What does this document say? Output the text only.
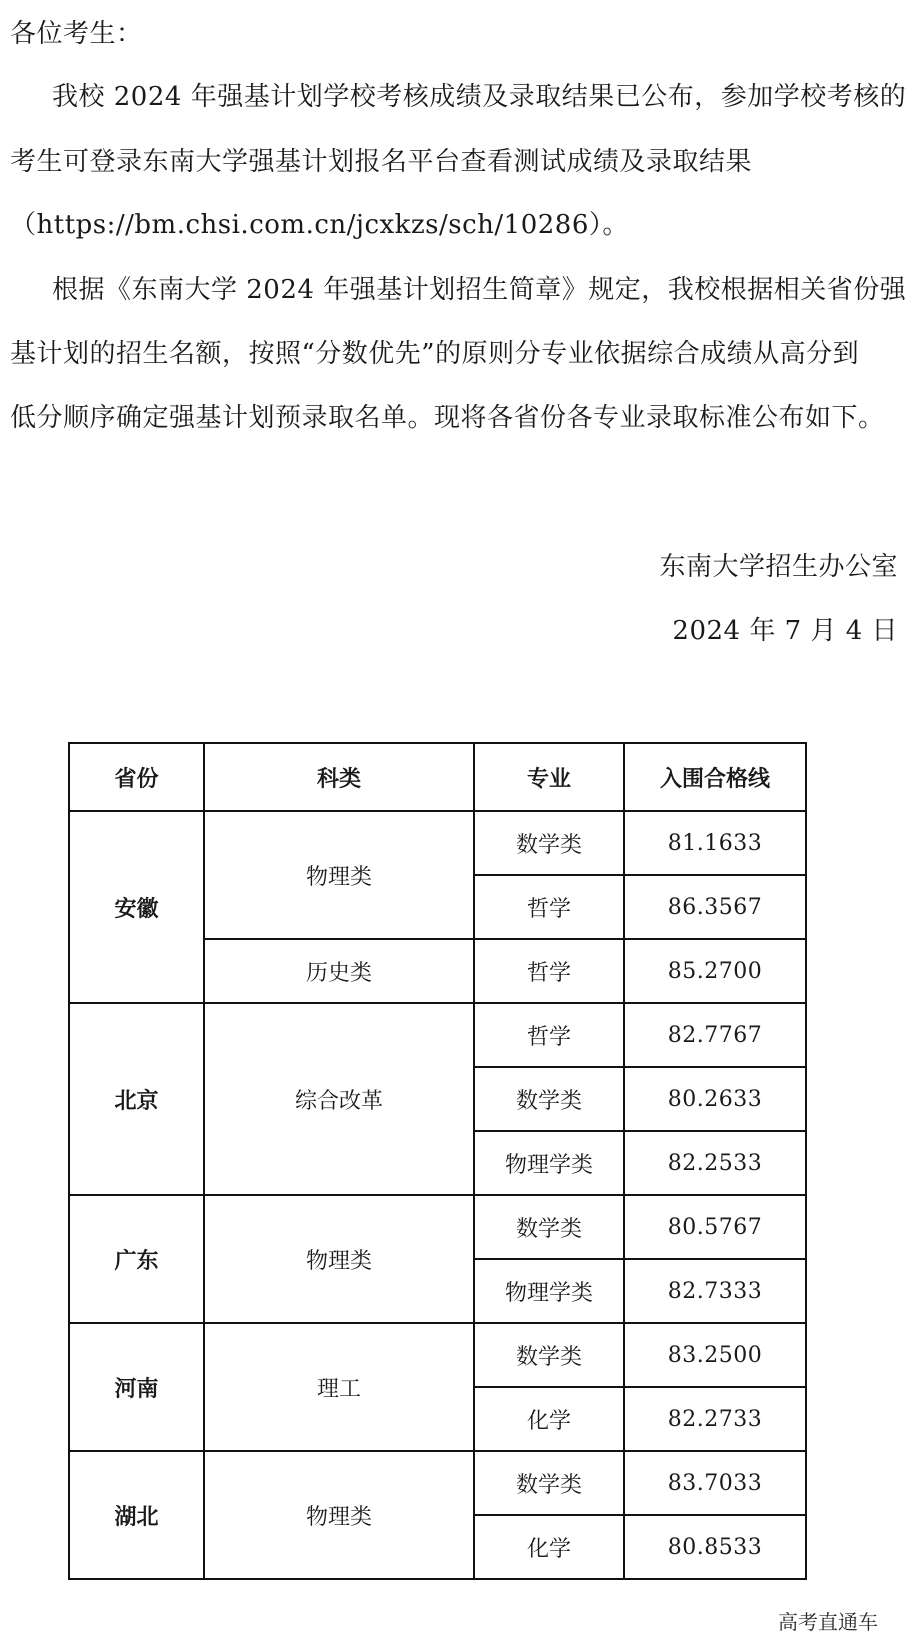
各位考生：
我校 2024 年强基计划学校考核成绩及录取结果已公布，参加学校考核的
考生可登录东南大学强基计划报名平台查看测试成绩及录取结果
（https://bm.chsi.com.cn/jcxkzs/sch/10286）。
根据《东南大学 2024 年强基计划招生简章》规定，我校根据相关省份强
基计划的招生名额，按照“分数优先”的原则分专业依据综合成绩从高分到
低分顺序确定强基计划预录取名单。现将各省份各专业录取标准公布如下。
东南大学招生办公室
2024 年 7 月 4 日
省份	科类	专业	入围合格线
安徽	物理类	数学类	81.1633
		哲学	86.3567
	历史类	哲学	85.2700
北京	综合改革	哲学	82.7767
		数学类	80.2633
		物理学类	82.2533
广东	物理类	数学类	80.5767
		物理学类	82.7333
河南	理工	数学类	83.2500
		化学	82.2733
湖北	物理类	数学类	83.7033
		化学	80.8533
高考直通车
